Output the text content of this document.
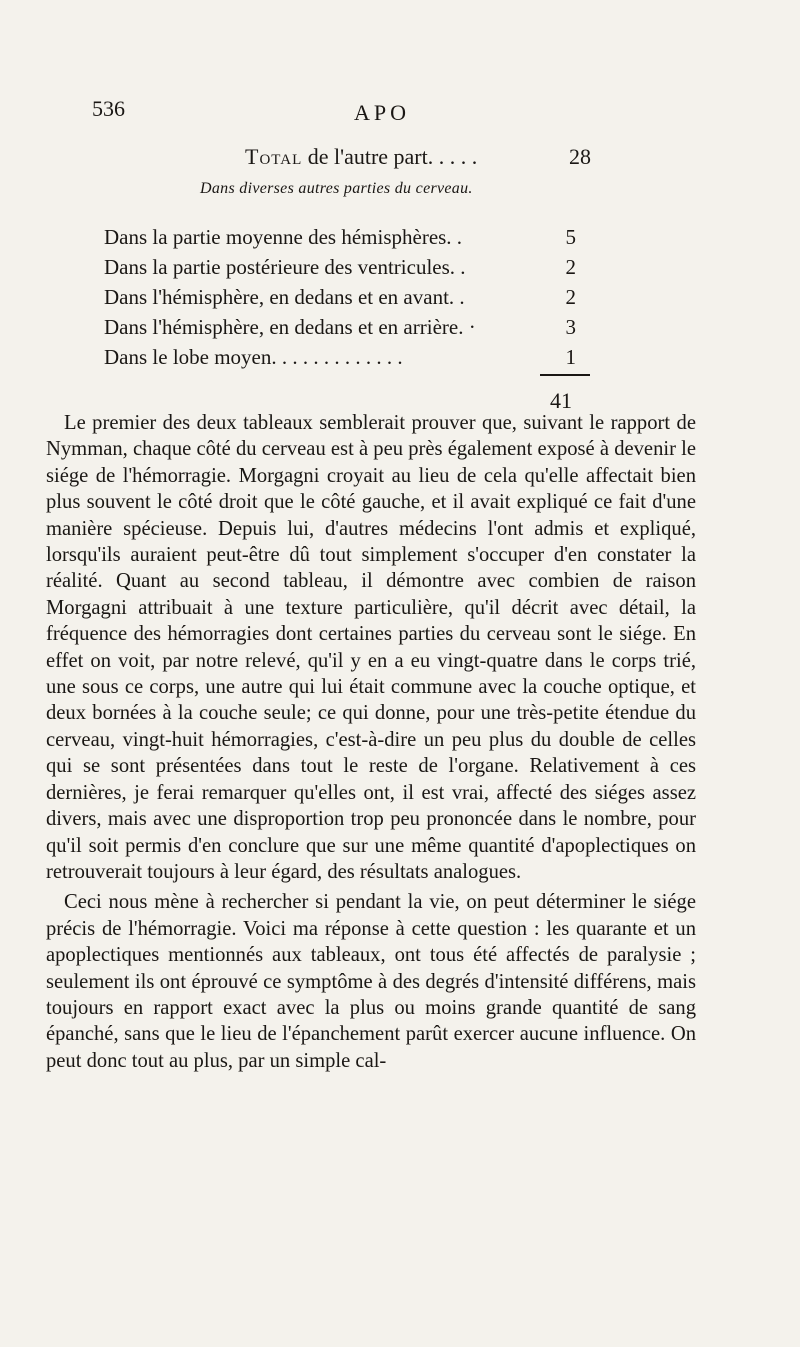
536	APO
Total de l'autre part. . . . .	28
Dans diverses autres parties du cerveau.
Dans la partie moyenne des hémisphères. .	5
Dans la partie postérieure des ventricules. .	2
Dans l'hémisphère, en dedans et en avant. .	2
Dans l'hémisphère, en dedans et en arrière. ·	3
Dans le lobe moyen. . . . . . . . . . . . .	1
41

Le premier des deux tableaux semblerait prouver que, suivant le rapport de Nymman, chaque côté du cerveau est à peu près également exposé à devenir le siége de l'hémorragie. Morgagni croyait au lieu de cela qu'elle affectait bien plus souvent le côté droit que le côté gauche, et il avait expliqué ce fait d'une manière spécieuse. Depuis lui, d'autres médecins l'ont admis et expliqué, lorsqu'ils auraient peut-être dû tout simplement s'occuper d'en constater la réalité. Quant au second tableau, il démontre avec combien de raison Morgagni attribuait à une texture particulière, qu'il décrit avec détail, la fréquence des hémorragies dont certaines parties du cerveau sont le siége. En effet on voit, par notre relevé, qu'il y en a eu vingt-quatre dans le corps trié, une sous ce corps, une autre qui lui était commune avec la couche optique, et deux bornées à la couche seule; ce qui donne, pour une très-petite étendue du cerveau, vingt-huit hémorragies, c'est-à-dire un peu plus du double de celles qui se sont présentées dans tout le reste de l'organe. Relativement à ces dernières, je ferai remarquer qu'elles ont, il est vrai, affecté des siéges assez divers, mais avec une disproportion trop peu prononcée dans le nombre, pour qu'il soit permis d'en conclure que sur une même quantité d'apoplectiques on retrouverait toujours à leur égard, des résultats analogues.

Ceci nous mène à rechercher si pendant la vie, on peut déterminer le siége précis de l'hémorragie. Voici ma réponse à cette question : les quarante et un apoplectiques mentionnés aux tableaux, ont tous été affectés de paralysie ; seulement ils ont éprouvé ce symptôme à des degrés d'intensité différens, mais toujours en rapport exact avec la plus ou moins grande quantité de sang épanché, sans que le lieu de l'épanchement parût exercer aucune influence. On peut donc tout au plus, par un simple cal-
